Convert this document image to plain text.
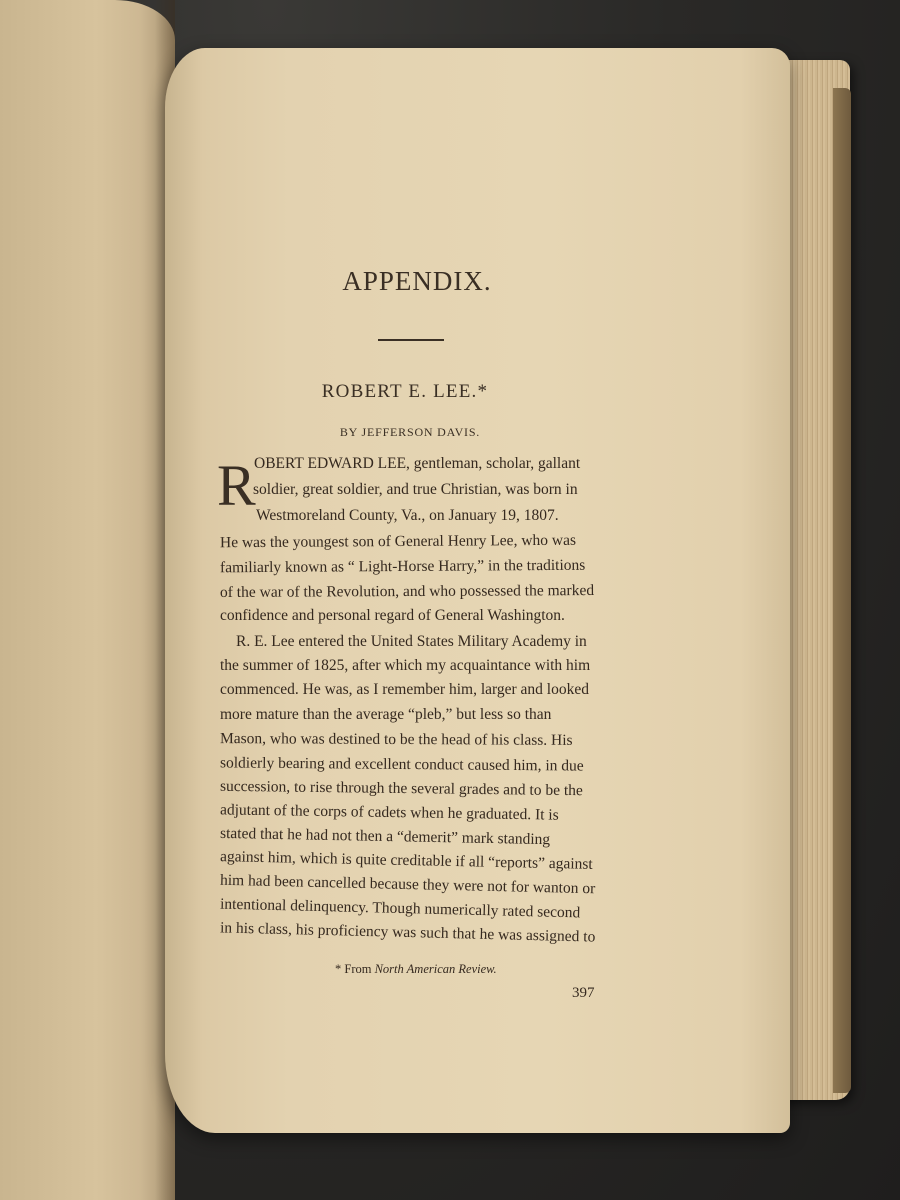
APPENDIX.
ROBERT E. LEE.*
BY JEFFERSON DAVIS.
R
OBERT EDWARD LEE, gentleman, scholar, gallant
soldier, great soldier, and true Christian, was born in
Westmoreland County, Va., on January 19, 1807.
He was the youngest son of General Henry Lee, who was
familiarly known as “ Light-Horse Harry,” in the traditions
of the war of the Revolution, and who possessed the marked
confidence and personal regard of General Washington.
R. E. Lee entered the United States Military Academy in
the summer of 1825, after which my acquaintance with him
commenced. He was, as I remember him, larger and looked
more mature than the average “pleb,” but less so than
Mason, who was destined to be the head of his class. His
soldierly bearing and excellent conduct caused him, in due
succession, to rise through the several grades and to be the
adjutant of the corps of cadets when he graduated. It is
stated that he had not then a “demerit” mark standing
against him, which is quite creditable if all “reports” against
him had been cancelled because they were not for wanton or
intentional delinquency. Though numerically rated second
in his class, his proficiency was such that he was assigned to
* From North American Review.
397
